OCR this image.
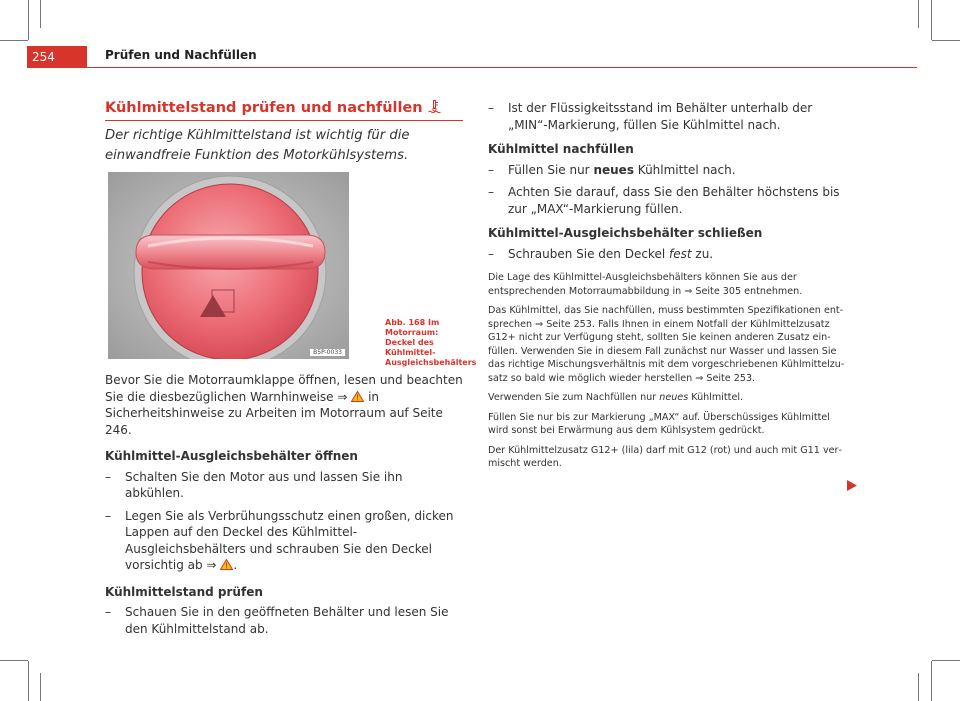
254	Prüfen und Nachfüllen
Kühlmittelstand prüfen und nachfüllen
Der richtige Kühlmittelstand ist wichtig für die einwandfreie Funktion des Motorkühlsystems.
B5P-0033
Abb. 168 Im Motorraum: Deckel des Kühlmittel-Ausgleichsbehälters

Bevor Sie die Motorraumklappe öffnen, lesen und beachten Sie die diesbezüglichen Warnhinweise ⇒ in Sicherheitshinweise zu Arbeiten im Motorraum auf Seite 246.

Kühlmittel-Ausgleichsbehälter öffnen

– Schalten Sie den Motor aus und lassen Sie ihn abkühlen.

– Legen Sie als Verbrühungsschutz einen großen, dicken Lappen auf den Deckel des Kühlmittel-Ausgleichsbehälters und schrauben Sie den Deckel vorsichtig ab ⇒ .

Kühlmittelstand prüfen

– Schauen Sie in den geöffneten Behälter und lesen Sie den Kühlmittelstand ab.

– Ist der Flüssigkeitsstand im Behälter unterhalb der „MIN“-Markierung, füllen Sie Kühlmittel nach.

Kühlmittel nachfüllen

– Füllen Sie nur neues Kühlmittel nach.

– Achten Sie darauf, dass Sie den Behälter höchstens bis zur „MAX“-Markierung füllen.

Kühlmittel-Ausgleichsbehälter schließen

– Schrauben Sie den Deckel fest zu.

Die Lage des Kühlmittel-Ausgleichsbehälters können Sie aus der entsprechenden Motorraumabbildung in ⇒ Seite 305 entnehmen.

Das Kühlmittel, das Sie nachfüllen, muss bestimmten Spezifikationen entsprechen ⇒ Seite 253. Falls Ihnen in einem Notfall der Kühlmittelzusatz G12+ nicht zur Verfügung steht, sollten Sie keinen anderen Zusatz einfüllen. Verwenden Sie in diesem Fall zunächst nur Wasser und lassen Sie das richtige Mischungsverhältnis mit dem vorgeschriebenen Kühlmittelzusatz so bald wie möglich wieder herstellen ⇒ Seite 253.

Verwenden Sie zum Nachfüllen nur neues Kühlmittel.

Füllen Sie nur bis zur Markierung „MAX“ auf. Überschüssiges Kühlmittel wird sonst bei Erwärmung aus dem Kühlsystem gedrückt.

Der Kühlmittelzusatz G12+ (lila) darf mit G12 (rot) und auch mit G11 vermischt werden.
